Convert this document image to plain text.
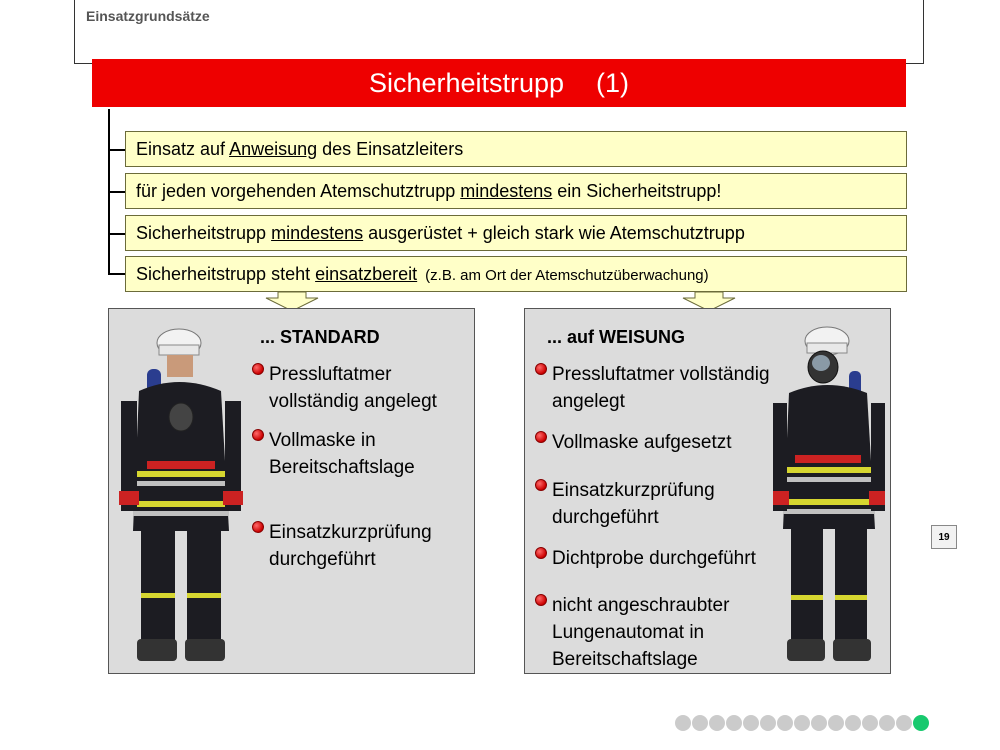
Einsatzgrundsätze
Sicherheitstrupp (1)
Einsatz auf Anweisung des Einsatzleiters
für jeden vorgehenden Atemschutztrupp mindestens ein Sicherheitstrupp!
Sicherheitstrupp mindestens ausgerüstet + gleich stark wie Atemschutztrupp
Sicherheitstrupp steht einsatzbereit (z.B. am Ort der Atemschutzüberwachung)
... STANDARD
Pressluftatmer vollständig angelegt
Vollmaske in Bereitschaftslage
Einsatzkurzprüfung durchgeführt
... auf WEISUNG
Pressluftatmer vollständig angelegt
Vollmaske aufgesetzt
Einsatzkurzprüfung durchgeführt
Dichtprobe durchgeführt
nicht angeschraubter Lungenautomat in Bereitschaftslage
19
